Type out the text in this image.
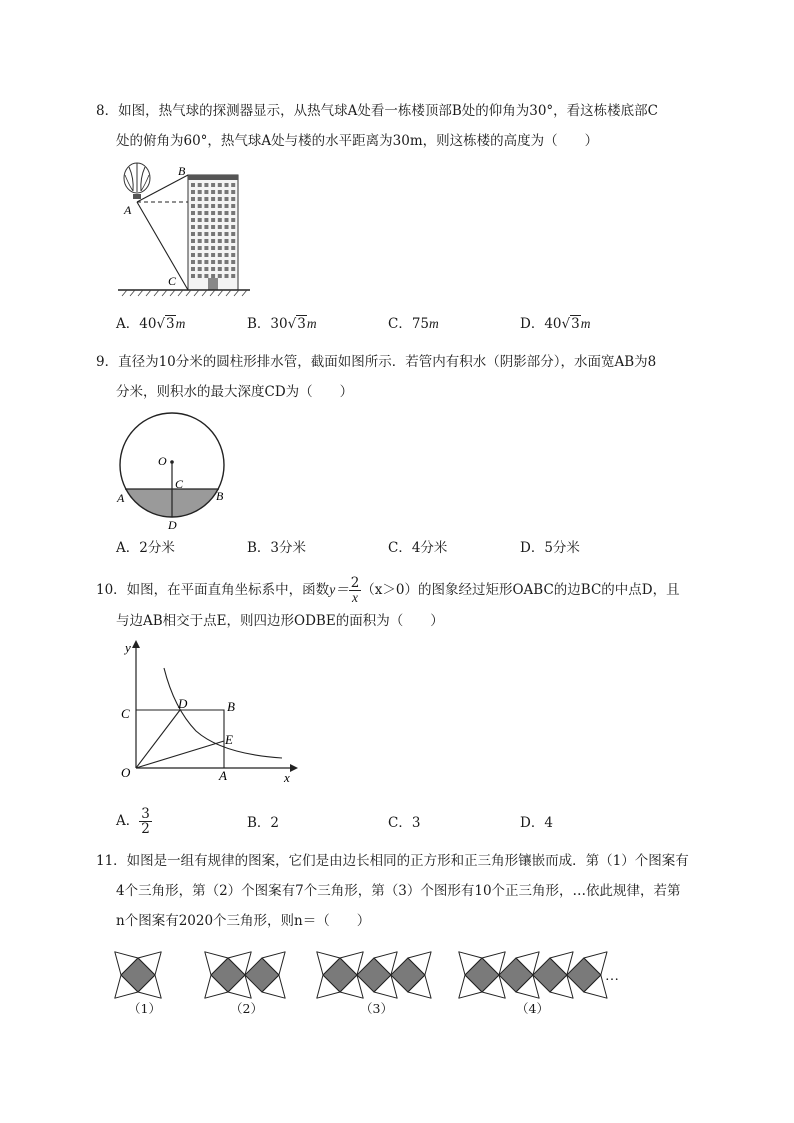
8．如图，热气球的探测器显示，从热气球A处看一栋楼顶部B处的仰角为30°，看这栋楼底部C
处的俯角为60°，热气球A处与楼的水平距离为30m，则这栋楼的高度为（　　）
B
A
C
A．40√3m	B．30√3m	C．75m	D．40√3m
9．直径为10分米的圆柱形排水管，截面如图所示．若管内有积水（阴影部分），水面宽AB为8
分米，则积水的最大深度CD为（　　）
O
C
A	B
D
A．2分米	B．3分米	C．4分米	D．5分米
10．如图，在平面直角坐标系中，函数$y= \frac{2}{x} (x>0)$的图象经过矩形OABC的边BC的中点D，且
与边AB相交于点E，则四边形ODBE的面积为（　　）
y
x
O	A
B
C
D
E
A． $\frac{3}{2}$	B．2	C．3	D．4
11．如图是一组有规律的图案，它们是由边长相同的正方形和正三角形镶嵌而成．第（1）个图案有
4个三角形，第（2）个图案有7个三角形，第（3）个图形有10个正三角形，…依此规律，若第
n个图案有2020个三角形，则n＝（　　）
…
（1）	（2）	（3）	（4）
